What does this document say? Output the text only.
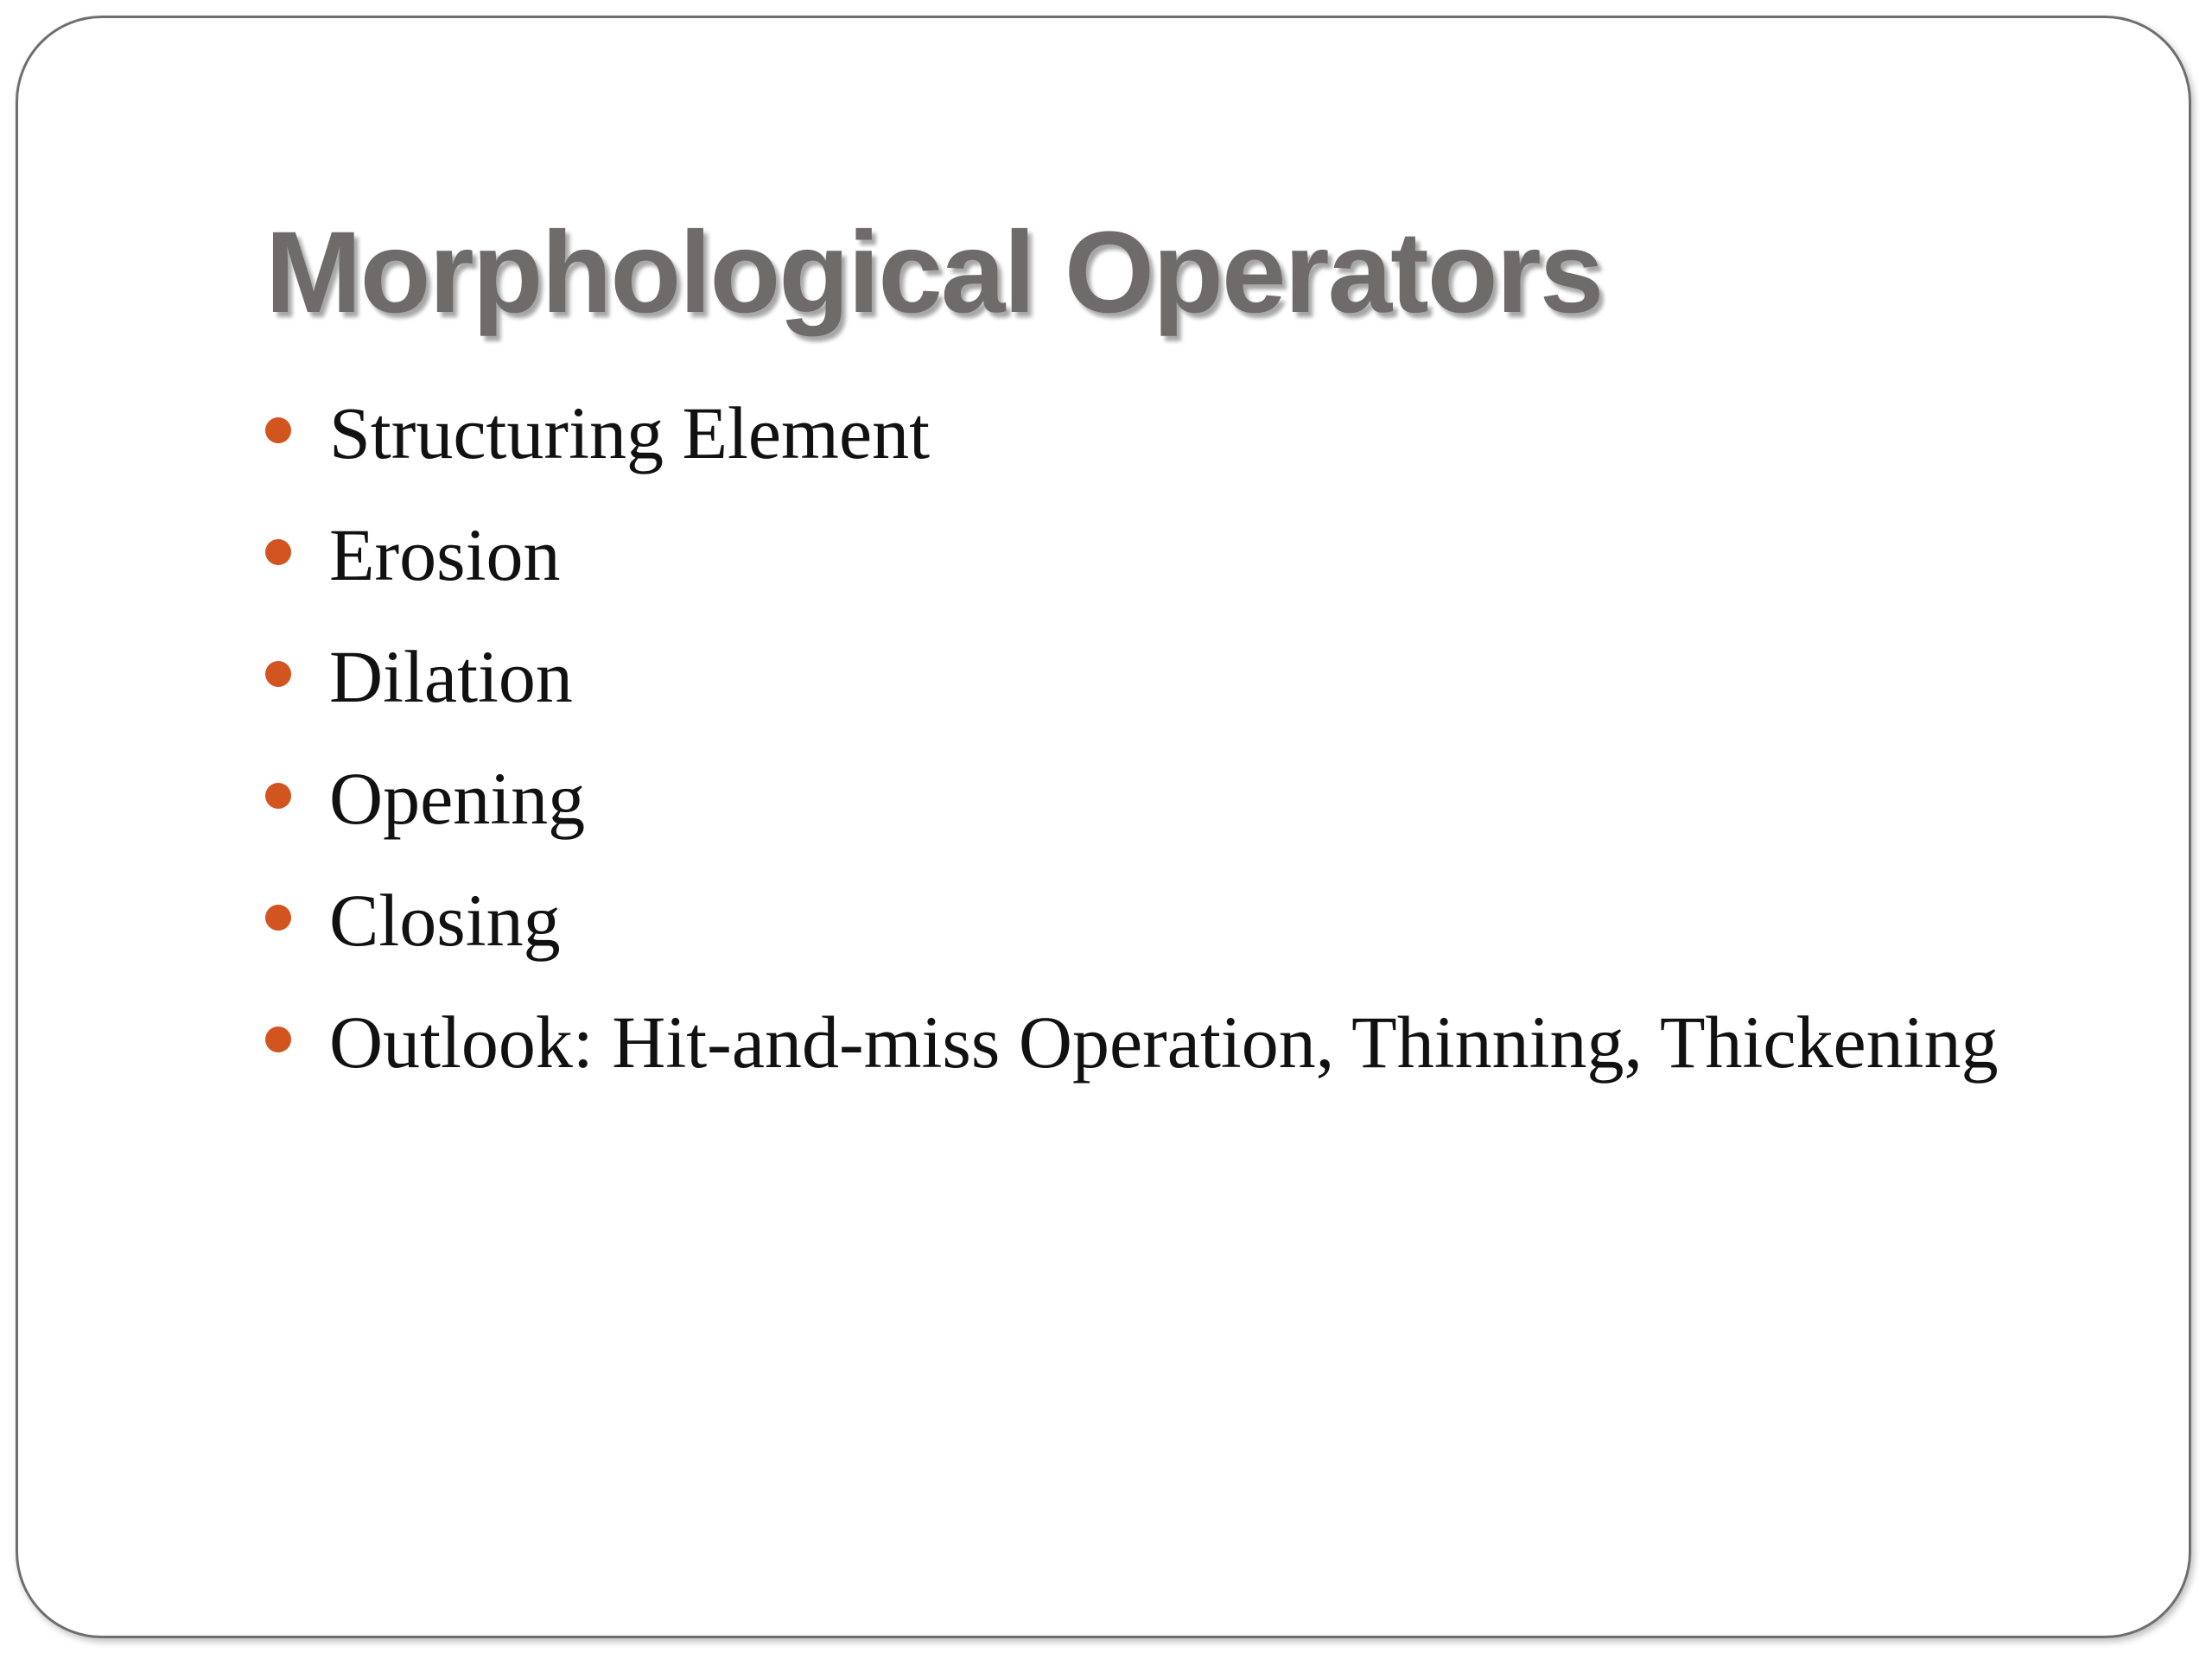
Morphological Operators
Structuring Element
Erosion
Dilation
Opening
Closing
Outlook: Hit-and-miss Operation, Thinning, Thickening
